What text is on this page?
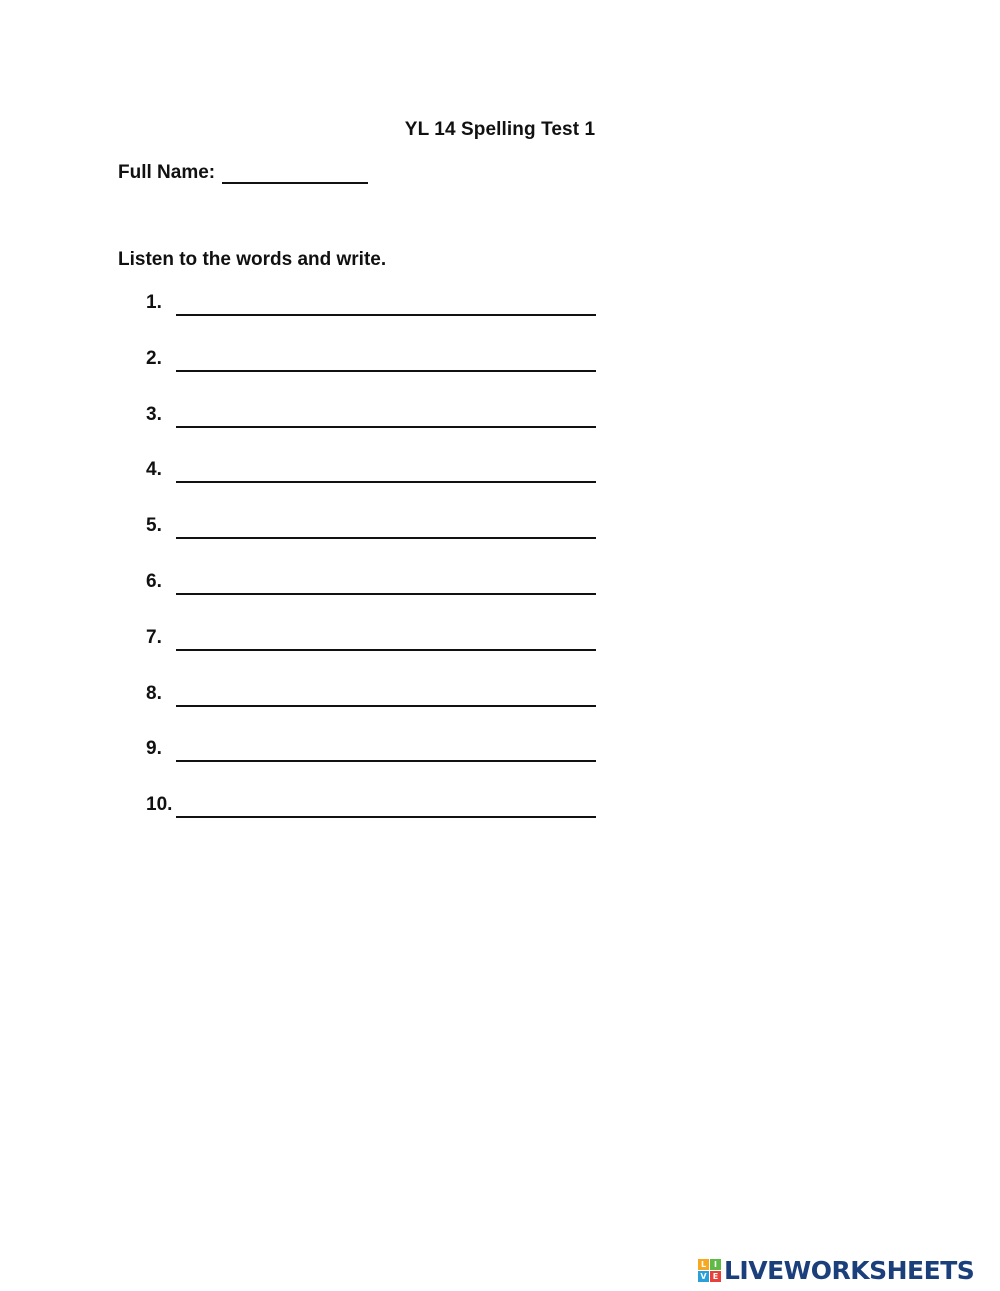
YL 14 Spelling Test 1
Full Name:
Listen to the words and write.
1.
2.
3.
4.
5.
6.
7.
8.
9.
10.
L I
V E LIVEWORKSHEETS
